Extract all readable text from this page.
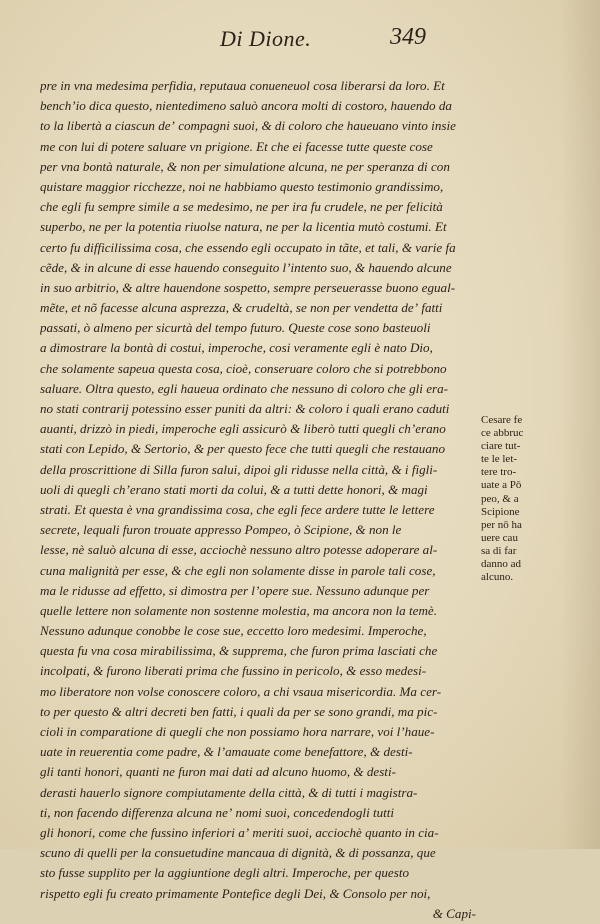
Di Dione.	349
pre in vna medesima perfidia, reputaua conueneuol cosa liberarsi da loro. Et
benchʼio dica questo, nientedimeno saluò ancora molti di costoro, hauendo da
to la libertà a ciascun deʼ compagni suoi, & di coloro che haueuano vinto insie
me con lui di potere saluare vn prigione. Et che ei facesse tutte queste cose
per vna bontà naturale, & non per simulatione alcuna, ne per speranza di con
quistare maggior ricchezze, noi ne habbiamo questo testimonio grandissimo,
che egli fu sempre simile a se medesimo, ne per ira fu crudele, ne per felicità
superbo, ne per la potentia riuolse natura, ne per la licentia mutò costumi. Et
certo fu difficilissima cosa, che essendo egli occupato in tãte, et tali, & varie fa
cẽde, & in alcune di esse hauendo conseguito lʼintento suo, & hauendo alcune
in suo arbitrio, & altre hauendone sospetto, sempre perseuerasse buono egual-
mẽte, et nõ facesse alcuna asprezza, & crudeltà, se non per vendetta deʼ fatti
passati, ò almeno per sicurtà del tempo futuro. Queste cose sono basteuoli
a dimostrare la bontà di costui, imperoche, cosi veramente egli è nato Dio,
che solamente sapeua questa cosa, cioè, conseruare coloro che si potrebbono
saluare. Oltra questo, egli haueua ordinato che nessuno di coloro che gli era-
no stati contrarij potessino esser puniti da altri: & coloro i quali erano caduti
auanti, drizzò in piedi, imperoche egli assicurò & liberò tutti quegli chʼerano
stati con Lepido, & Sertorio, & per questo fece che tutti quegli che restauano
della proscrittione di Silla furon salui, dipoi gli ridusse nella città, & i figli-
uoli di quegli chʼerano stati morti da colui, & a tutti dette honori, & magi
strati. Et questa è vna grandissima cosa, che egli fece ardere tutte le lettere
secrete, lequali furon trouate appresso Pompeo, ò Scipione, & non le
lesse, nè saluò alcuna di esse, acciochè nessuno altro potesse adoperare al-
cuna malignità per esse, & che egli non solamente disse in parole tali cose,
ma le ridusse ad effetto, si dimostra per lʼopere sue. Nessuno adunque per
quelle lettere non solamente non sostenne molestia, ma ancora non la temè.
Nessuno adunque conobbe le cose sue, eccetto loro medesimi. Imperoche,
questa fu vna cosa mirabilissima, & supprema, che furon prima lasciati che
incolpati, & furono liberati prima che fussino in pericolo, & esso medesi-
mo liberatore non volse conoscere coloro, a chi vsaua misericordia. Ma cer-
to per questo & altri decreti ben fatti, i quali da per se sono grandi, ma pic-
cioli in comparatione di quegli che non possiamo hora narrare, voi lʼhaue-
uate in reuerentia come padre, & lʼamauate come benefattore, & desti-
gli tanti honori, quanti ne furon mai dati ad alcuno huomo, & desti-
derasti hauerlo signore compiutamente della città, & di tutti i magistra-
ti, non facendo differenza alcuna neʼ nomi suoi, concedendogli tutti
gli honori, come che fussino inferiori aʼ meriti suoi, acciochè quanto in cia-
scuno di quelli per la consuetudine mancaua di dignità, & di possanza, que
sto fusse supplito per la aggiuntione degli altri. Imperoche, per questo
rispetto egli fu creato primamente Pontefice degli Dei, & Consolo per noi,
& Capi-
Cesare fe
ce abbruc
ciare tut-
te le let-
tere tro-
uate a Pō
peo, & a
Scipione
per nō ha
uere cau
sa di far
danno ad
alcuno.
